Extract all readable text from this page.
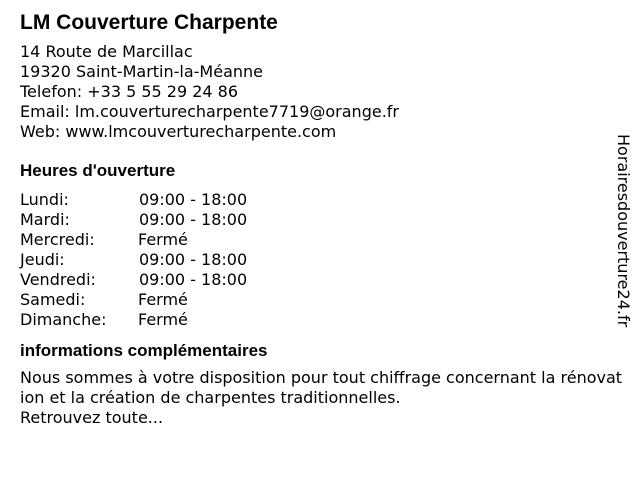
LM Couverture Charpente
14 Route de Marcillac
19320 Saint-Martin-la-Méanne
Telefon: +33 5 55 29 24 86
Email: lm.couverturecharpente7719@orange.fr
Web: www.lmcouverturecharpente.com
Heures d'ouverture
Lundi:	09:00 - 18:00
Mardi:	09:00 - 18:00
Mercredi:	Fermé
Jeudi:	09:00 - 18:00
Vendredi:	09:00 - 18:00
Samedi:	Fermé
Dimanche: Fermé
informations complémentaires
Nous sommes à votre disposition pour tout chiffrage concernant la rénovation et la création de charpentes traditionnelles.
Retrouvez toute...
Horairesdouverture24.fr
